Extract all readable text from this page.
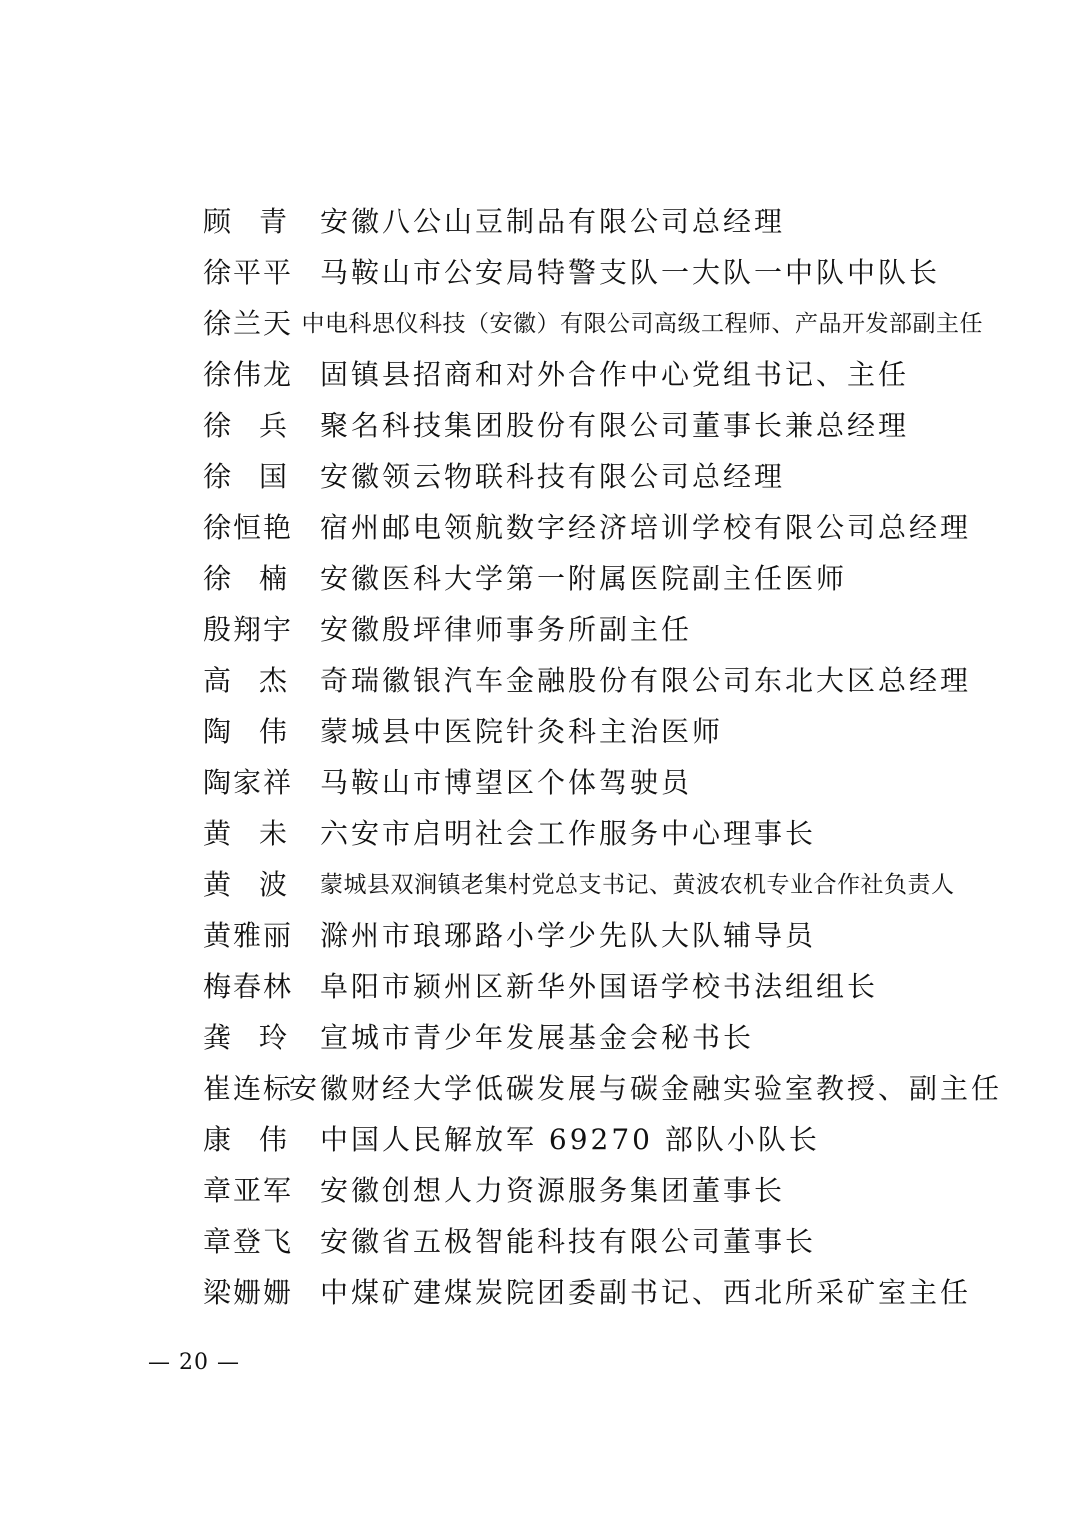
顾青 安徽八公山豆制品有限公司总经理
徐平平 马鞍山市公安局特警支队一大队一中队中队长
徐兰天 中电科思仪科技（安徽）有限公司高级工程师、产品开发部副主任
徐伟龙 固镇县招商和对外合作中心党组书记、主任
徐兵 聚名科技集团股份有限公司董事长兼总经理
徐国 安徽领云物联科技有限公司总经理
徐恒艳 宿州邮电领航数字经济培训学校有限公司总经理
徐楠 安徽医科大学第一附属医院副主任医师
殷翔宇 安徽殷坪律师事务所副主任
高杰 奇瑞徽银汽车金融股份有限公司东北大区总经理
陶伟 蒙城县中医院针灸科主治医师
陶家祥 马鞍山市博望区个体驾驶员
黄未 六安市启明社会工作服务中心理事长
黄波 蒙城县双涧镇老集村党总支书记、黄波农机专业合作社负责人
黄雅丽 滁州市琅琊路小学少先队大队辅导员
梅春林 阜阳市颍州区新华外国语学校书法组组长
龚玲 宣城市青少年发展基金会秘书长
崔连标
安徽财经大学低碳发展与碳金融实验室教授、副主任
康伟 中国人民解放军 69270 部队小队长
章亚军 安徽创想人力资源服务集团董事长
章登飞 安徽省五极智能科技有限公司董事长
梁姗姗 中煤矿建煤炭院团委副书记、西北所采矿室主任
— 20 —
